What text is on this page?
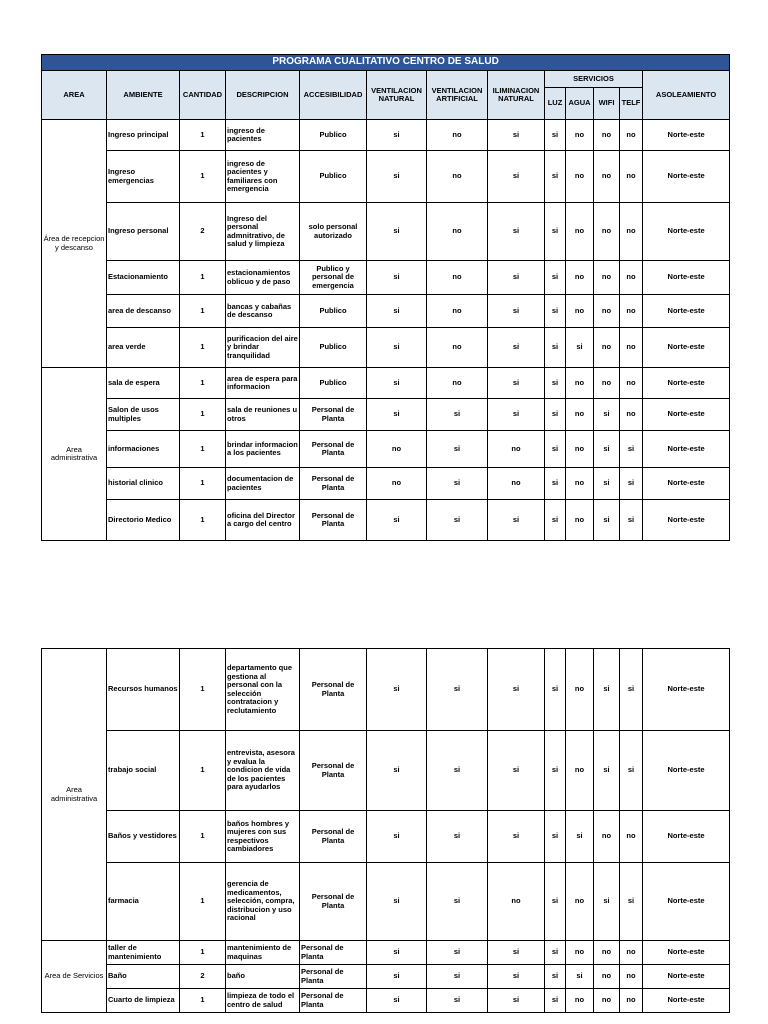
PROGRAMA CUALITATIVO CENTRO DE SALUD												
AREA	AMBIENTE	CANTIDAD	DESCRIPCION	ACCESIBILIDAD	VENTILACION NATURAL	VENTILACION ARTIFICIAL	ILIMINACION NATURAL	SERVICIOS				ASOLEAMIENTO
								LUZ	AGUA	WIFI	TELF	
Área de recepcion y descanso	Ingreso principal	1	ingreso de pacientes	Publico	si	no	si	si	no	no	no	Norte-este
	Ingreso emergencias	1	ingreso de pacientes y familiares con emergencia	Publico	si	no	si	si	no	no	no	Norte-este
	Ingreso personal	2	Ingreso del personal admnitrativo, de salud y limpieza	solo personal autorizado	si	no	si	si	no	no	no	Norte-este
	Estacionamiento	1	estacionamientos oblicuo y de paso	Publico y personal de emergencia	si	no	si	si	no	no	no	Norte-este
	area de descanso	1	bancas y cabañas de descanso	Publico	si	no	si	si	no	no	no	Norte-este
	area verde	1	purificacion del aire y brindar tranquilidad	Publico	si	no	si	si	si	no	no	Norte-este
Area administrativa	sala de espera	1	area de espera para informacion	Publico	si	no	si	si	no	no	no	Norte-este
	Salon de usos multiples	1	sala de reuniones u otros	Personal de Planta	si	si	si	si	no	si	no	Norte-este
	informaciones	1	brindar informacion a los pacientes	Personal de Planta	no	si	no	si	no	si	si	Norte-este
	historial clinico	1	documentacion de pacientes	Personal de Planta	no	si	no	si	no	si	si	Norte-este
	Directorio Medico	1	oficina del Director a cargo del centro	Personal de Planta	si	si	si	si	no	si	si	Norte-este
Area administrativa	Recursos humanos	1	departamento que gestiona al personal con la selección contratacion y reclutamiento	Personal de Planta	si	si	si	si	no	si	si	Norte-este
	trabajo social	1	entrevista, asesora y evalua la condicion de vida de los pacientes para ayudarlos	Personal de Planta	si	si	si	si	no	si	si	Norte-este
	Baños y vestidores	1	baños hombres y mujeres con sus respectivos cambiadores	Personal de Planta	si	si	si	si	si	no	no	Norte-este
	farmacia	1	gerencia de medicamentos, selección, compra, distribucion y uso racional	Personal de Planta	si	si	no	si	no	si	si	Norte-este
Area de Servicios	taller de mantenimiento	1	mantenimiento de maquinas	Personal de Planta	si	si	si	si	no	no	no	Norte-este
	Baño	2	baño	Personal de Planta	si	si	si	si	si	no	no	Norte-este
	Cuarto de limpieza	1	limpieza de todo el centro de salud	Personal de Planta	si	si	si	si	no	no	no	Norte-este
